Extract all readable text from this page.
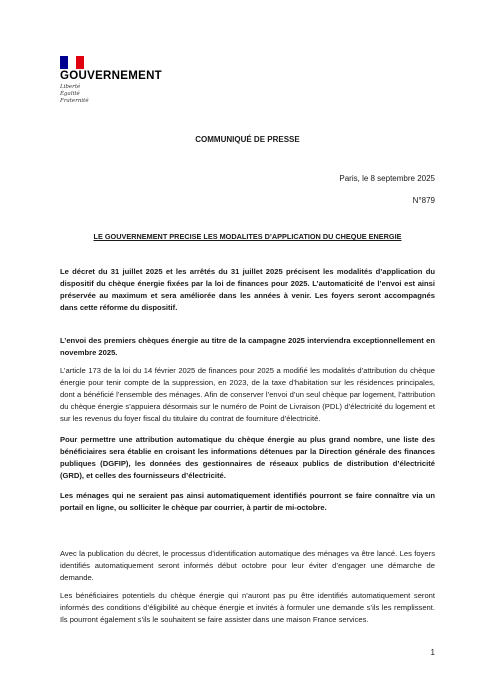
GOUVERNEMENT
Liberté
Égalité
Fraternité
COMMUNIQUÉ DE PRESSE
Paris, le 8 septembre 2025
N°879
LE GOUVERNEMENT PRECISE LES MODALITES D’APPLICATION DU CHEQUE ENERGIE

Le décret du 31 juillet 2025 et les arrêtés du 31 juillet 2025 précisent les modalités d’application du dispositif du chèque énergie fixées par la loi de finances pour 2025. L’automaticité de l’envoi est ainsi préservée au maximum et sera améliorée dans les années à venir. Les foyers seront accompagnés dans cette réforme du dispositif.

L’envoi des premiers chèques énergie au titre de la campagne 2025 interviendra exceptionnellement en novembre 2025.

L’article 173 de la loi du 14 février 2025 de finances pour 2025 a modifié les modalités d’attribution du chèque énergie pour tenir compte de la suppression, en 2023, de la taxe d’habitation sur les résidences principales, dont a bénéficié l’ensemble des ménages. Afin de conserver l’envoi d’un seul chèque par logement, l’attribution du chèque énergie s’appuiera désormais sur le numéro de Point de Livraison (PDL) d’électricité du logement et sur les revenus du foyer fiscal du titulaire du contrat de fourniture d’électricité.

Pour permettre une attribution automatique du chèque énergie au plus grand nombre, une liste des bénéficiaires sera établie en croisant les informations détenues par la Direction générale des finances publiques (DGFIP), les données des gestionnaires de réseaux publics de distribution d’électricité (GRD), et celles des fournisseurs d’électricité.

Les ménages qui ne seraient pas ainsi automatiquement identifiés pourront se faire connaître via un portail en ligne, ou solliciter le chèque par courrier, à partir de mi-octobre.

Avec la publication du décret, le processus d’identification automatique des ménages va être lancé. Les foyers identifiés automatiquement seront informés début octobre pour leur éviter d’engager une démarche de demande.

Les bénéficiaires potentiels du chèque énergie qui n’auront pas pu être identifiés automatiquement seront informés des conditions d’éligibilité au chèque énergie et invités à formuler une demande s’ils les remplissent. Ils pourront également s’ils le souhaitent se faire assister dans une maison France services.

1
